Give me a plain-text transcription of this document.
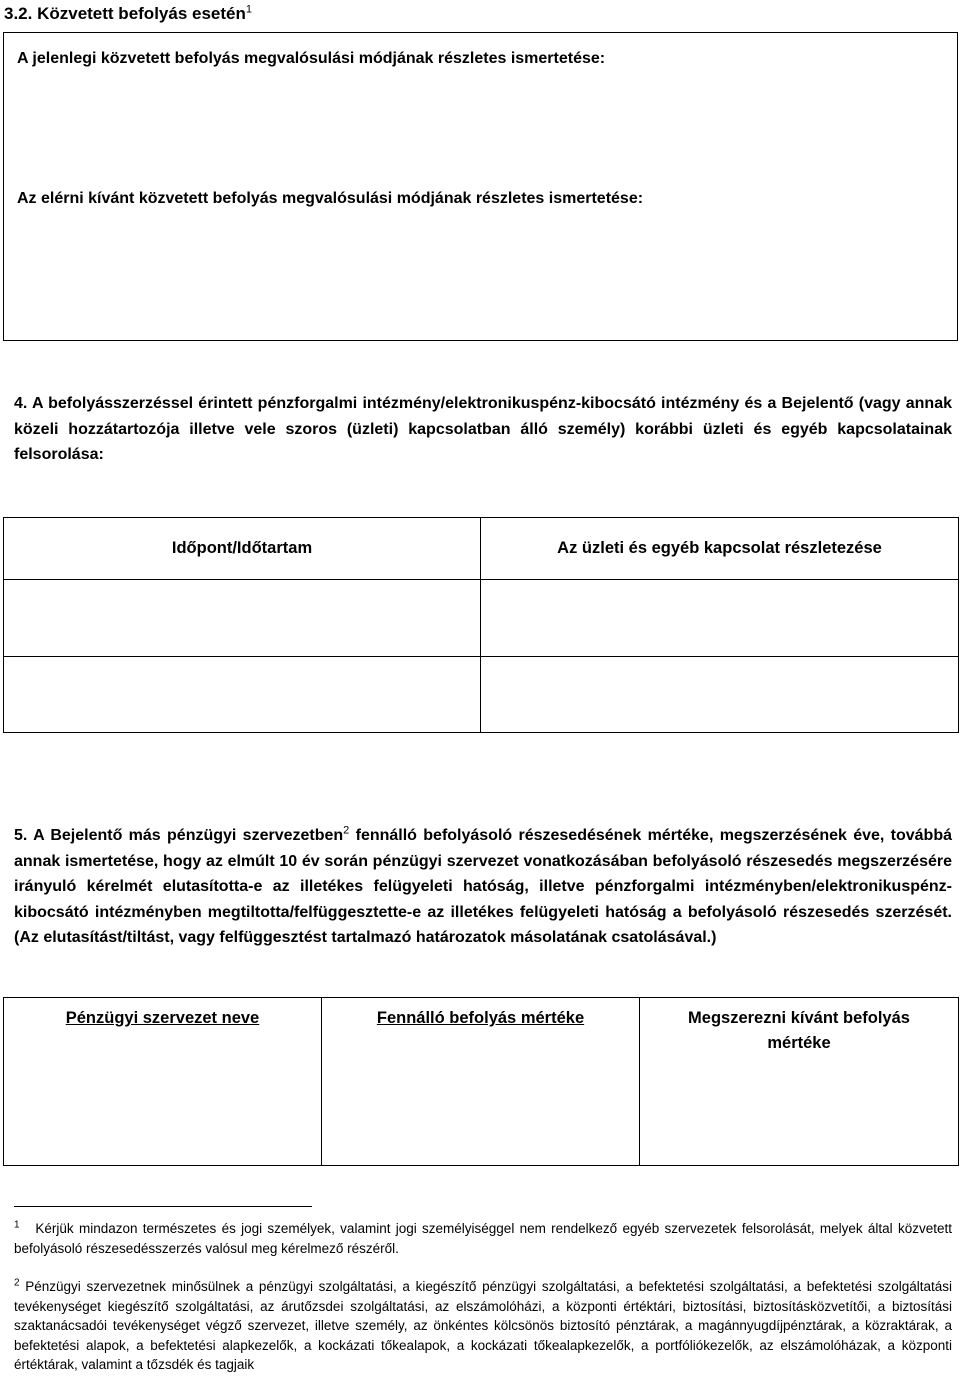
3.2. Közvetett befolyás esetén$^1$
A jelenlegi közvetett befolyás megvalósulási módjának részletes ismertetése:
Az elérni kívánt közvetett befolyás megvalósulási módjának részletes ismertetése:
4. A befolyásszerzéssel érintett pénzforgalmi intézmény/elektronikuspénz-kibocsátó intézmény és a Bejelentő (vagy annak közeli hozzátartozója illetve vele szoros (üzleti) kapcsolatban álló személy) korábbi üzleti és egyéb kapcsolatainak felsorolása:
Időpont/Időtartam	Az üzleti és egyéb kapcsolat részletezése

5. A Bejelentő más pénzügyi szervezetben$^2$ fennálló befolyásoló részesedésének mértéke, megszerzésének éve, továbbá annak ismertetése, hogy az elmúlt 10 év során pénzügyi szervezet vonatkozásában befolyásoló részesedés megszerzésére irányuló kérelmét elutasította-e az illetékes felügyeleti hatóság, illetve pénzforgalmi intézményben/elektronikuspénz-kibocsátó intézményben megtiltotta/felfüggesztette-e az illetékes felügyeleti hatóság a befolyásoló részesedés szerzését. (Az elutasítást/tiltást, vagy felfüggesztést tartalmazó határozatok másolatának csatolásával.)
Pénzügyi szervezet neve	Fennálló befolyás mértéke	Megszerezni kívánt befolyás mértéke
$^1$ Kérjük mindazon természetes és jogi személyek, valamint jogi személyiséggel nem rendelkező egyéb szervezetek felsorolását, melyek által közvetett befolyásoló részesedésszerzés valósul meg kérelmező részéről.
$^2$ Pénzügyi szervezetnek minősülnek a pénzügyi szolgáltatási, a kiegészítő pénzügyi szolgáltatási, a befektetési szolgáltatási, a befektetési szolgáltatási tevékenységet kiegészítő szolgáltatási, az árutőzsdei szolgáltatási, az elszámolóházi, a központi értéktári, biztosítási, biztosításközvetítői, a biztosítási szaktanácsadói tevékenységet végző szervezet, illetve személy, az önkéntes kölcsönös biztosító pénztárak, a magánnyugdíjpénztárak, a közraktárak, a befektetési alapok, a befektetési alapkezelők, a kockázati tőkealapok, a kockázati tőkealapkezelők, a portfóliókezelők, az elszámolóházak, a központi értéktárak, valamint a tőzsdék és tagjaik
